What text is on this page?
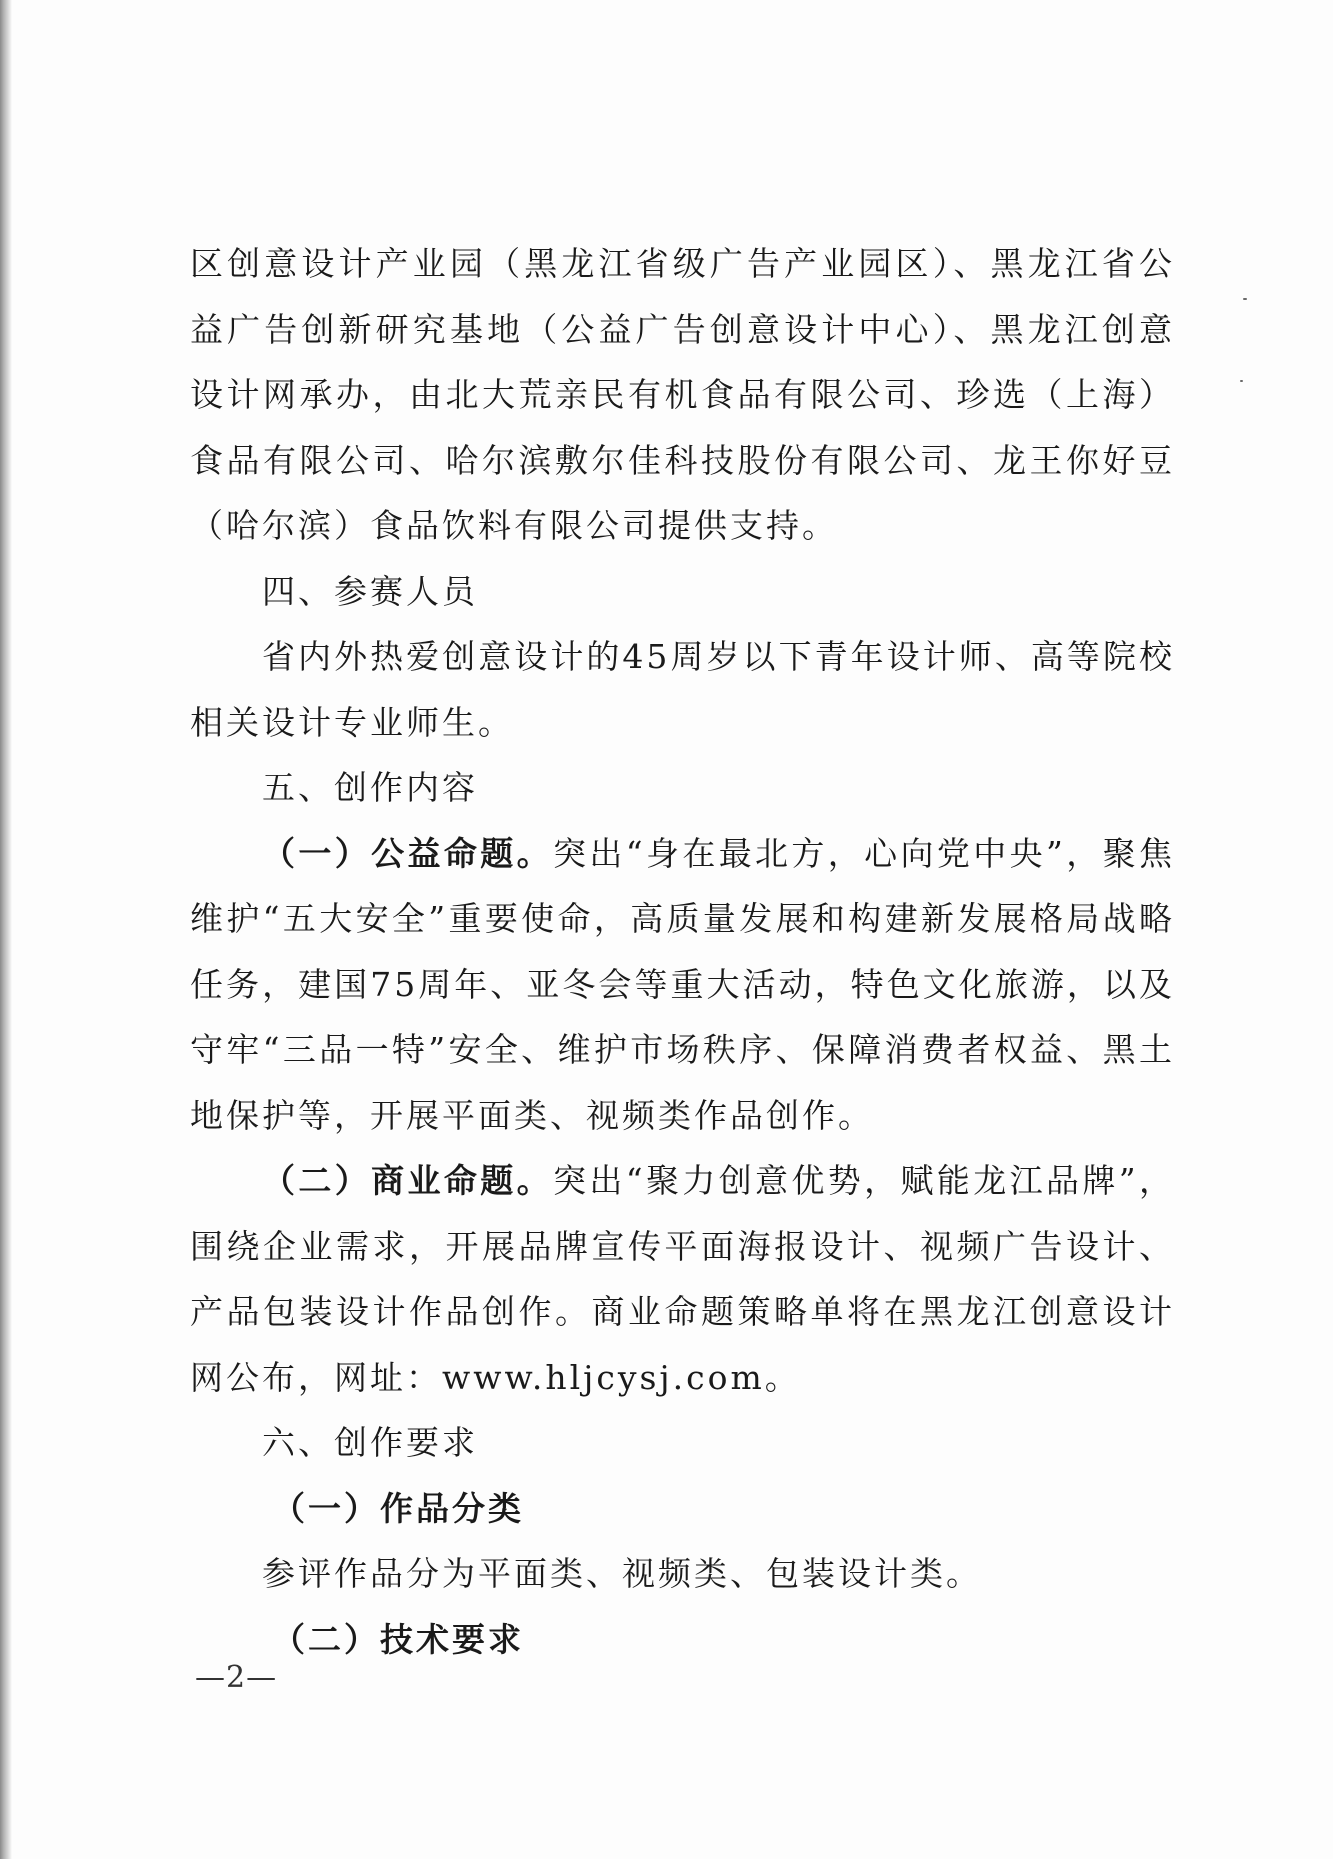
区创意设计产业园（黑龙江省级广告产业园区）、黑龙江省公益广告创新研究基地（公益广告创意设计中心）、黑龙江创意设计网承办，由北大荒亲民有机食品有限公司、珍选（上海）食品有限公司、哈尔滨敷尔佳科技股份有限公司、龙王你好豆（哈尔滨）食品饮料有限公司提供支持。

四、参赛人员

省内外热爱创意设计的45周岁以下青年设计师、高等院校相关设计专业师生。

五、创作内容

（一）公益命题。突出“身在最北方，心向党中央”，聚焦维护“五大安全”重要使命，高质量发展和构建新发展格局战略任务，建国75周年、亚冬会等重大活动，特色文化旅游，以及守牢“三品一特”安全、维护市场秩序、保障消费者权益、黑土地保护等，开展平面类、视频类作品创作。

（二）商业命题。突出“聚力创意优势，赋能龙江品牌”，围绕企业需求，开展品牌宣传平面海报设计、视频广告设计、产品包装设计作品创作。商业命题策略单将在黑龙江创意设计网公布，网址：www.hljcysj.com。

六、创作要求

（一）作品分类

参评作品分为平面类、视频类、包装设计类。

（二）技术要求

—2—
